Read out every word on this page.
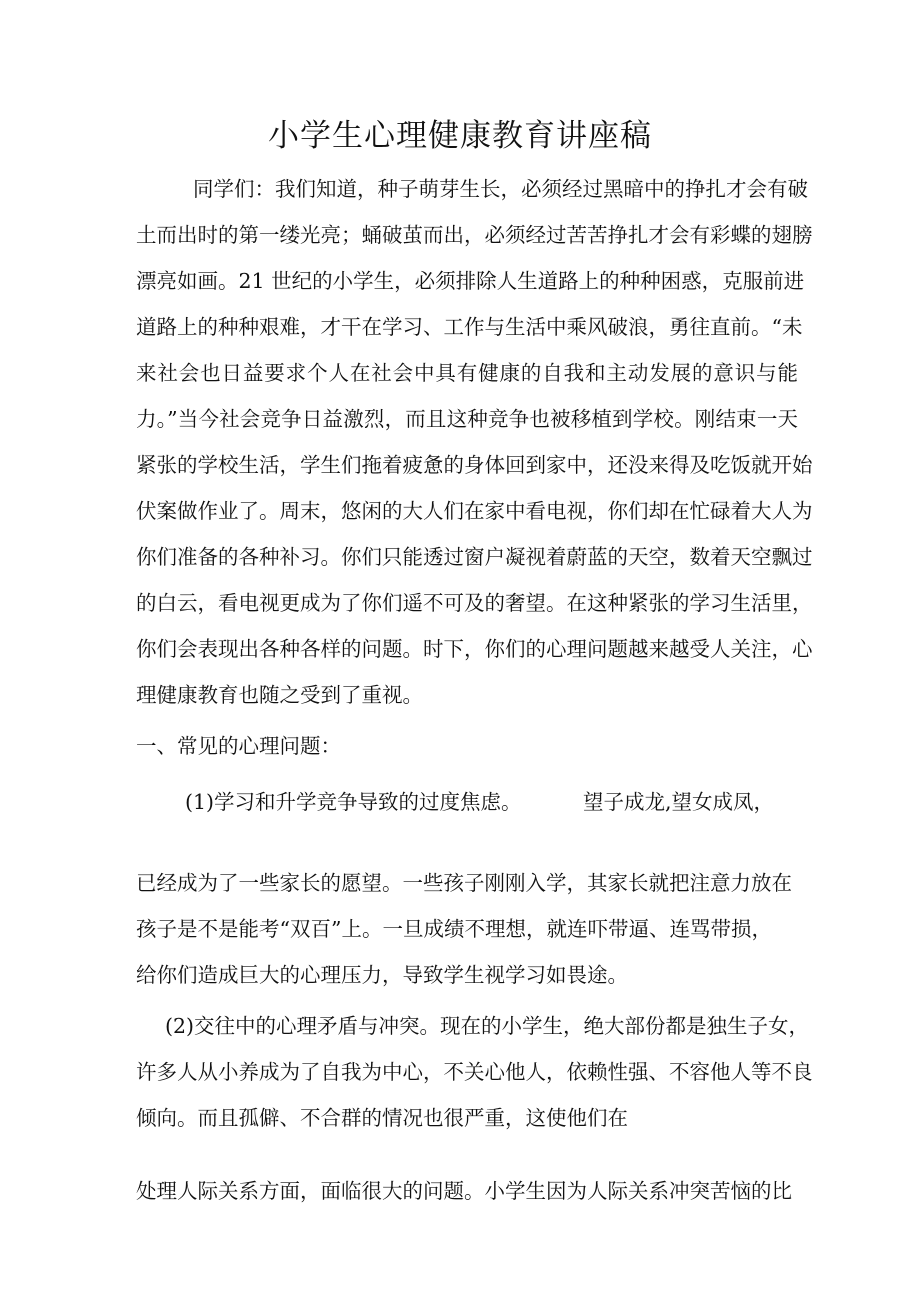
小学生心理健康教育讲座稿

同学们：我们知道，种子萌芽生长，必须经过黑暗中的挣扎才会有破

土而出时的第一缕光亮；蛹破茧而出，必须经过苦苦挣扎才会有彩蝶的翅膀

漂亮如画。21 世纪的小学生，必须排除人生道路上的种种困惑，克服前进

道路上的种种艰难，才干在学习、工作与生活中乘风破浪，勇往直前。“未

来社会也日益要求个人在社会中具有健康的自我和主动发展的意识与能

力。”当今社会竞争日益激烈，而且这种竞争也被移植到学校。刚结束一天

紧张的学校生活，学生们拖着疲惫的身体回到家中，还没来得及吃饭就开始

伏案做作业了。周末，悠闲的大人们在家中看电视，你们却在忙碌着大人为

你们准备的各种补习。你们只能透过窗户凝视着蔚蓝的天空，数着天空飘过

的白云，看电视更成为了你们遥不可及的奢望。在这种紧张的学习生活里，

你们会表现出各种各样的问题。时下，你们的心理问题越来越受人关注，心

理健康教育也随之受到了重视。

一、常见的心理问题：

(1)学习和升学竞争导致的过度焦虑。	望子成龙,望女成凤，

已经成为了一些家长的愿望。一些孩子刚刚入学，其家长就把注意力放在

孩子是不是能考“双百”上。一旦成绩不理想，就连吓带逼、连骂带损，

给你们造成巨大的心理压力，导致学生视学习如畏途。

(2)交往中的心理矛盾与冲突。现在的小学生，绝大部份都是独生子女，

许多人从小养成为了自我为中心，不关心他人，依赖性强、不容他人等不良

倾向。而且孤僻、不合群的情况也很严重，这使他们在

处理人际关系方面，面临很大的问题。小学生因为人际关系冲突苦恼的比
